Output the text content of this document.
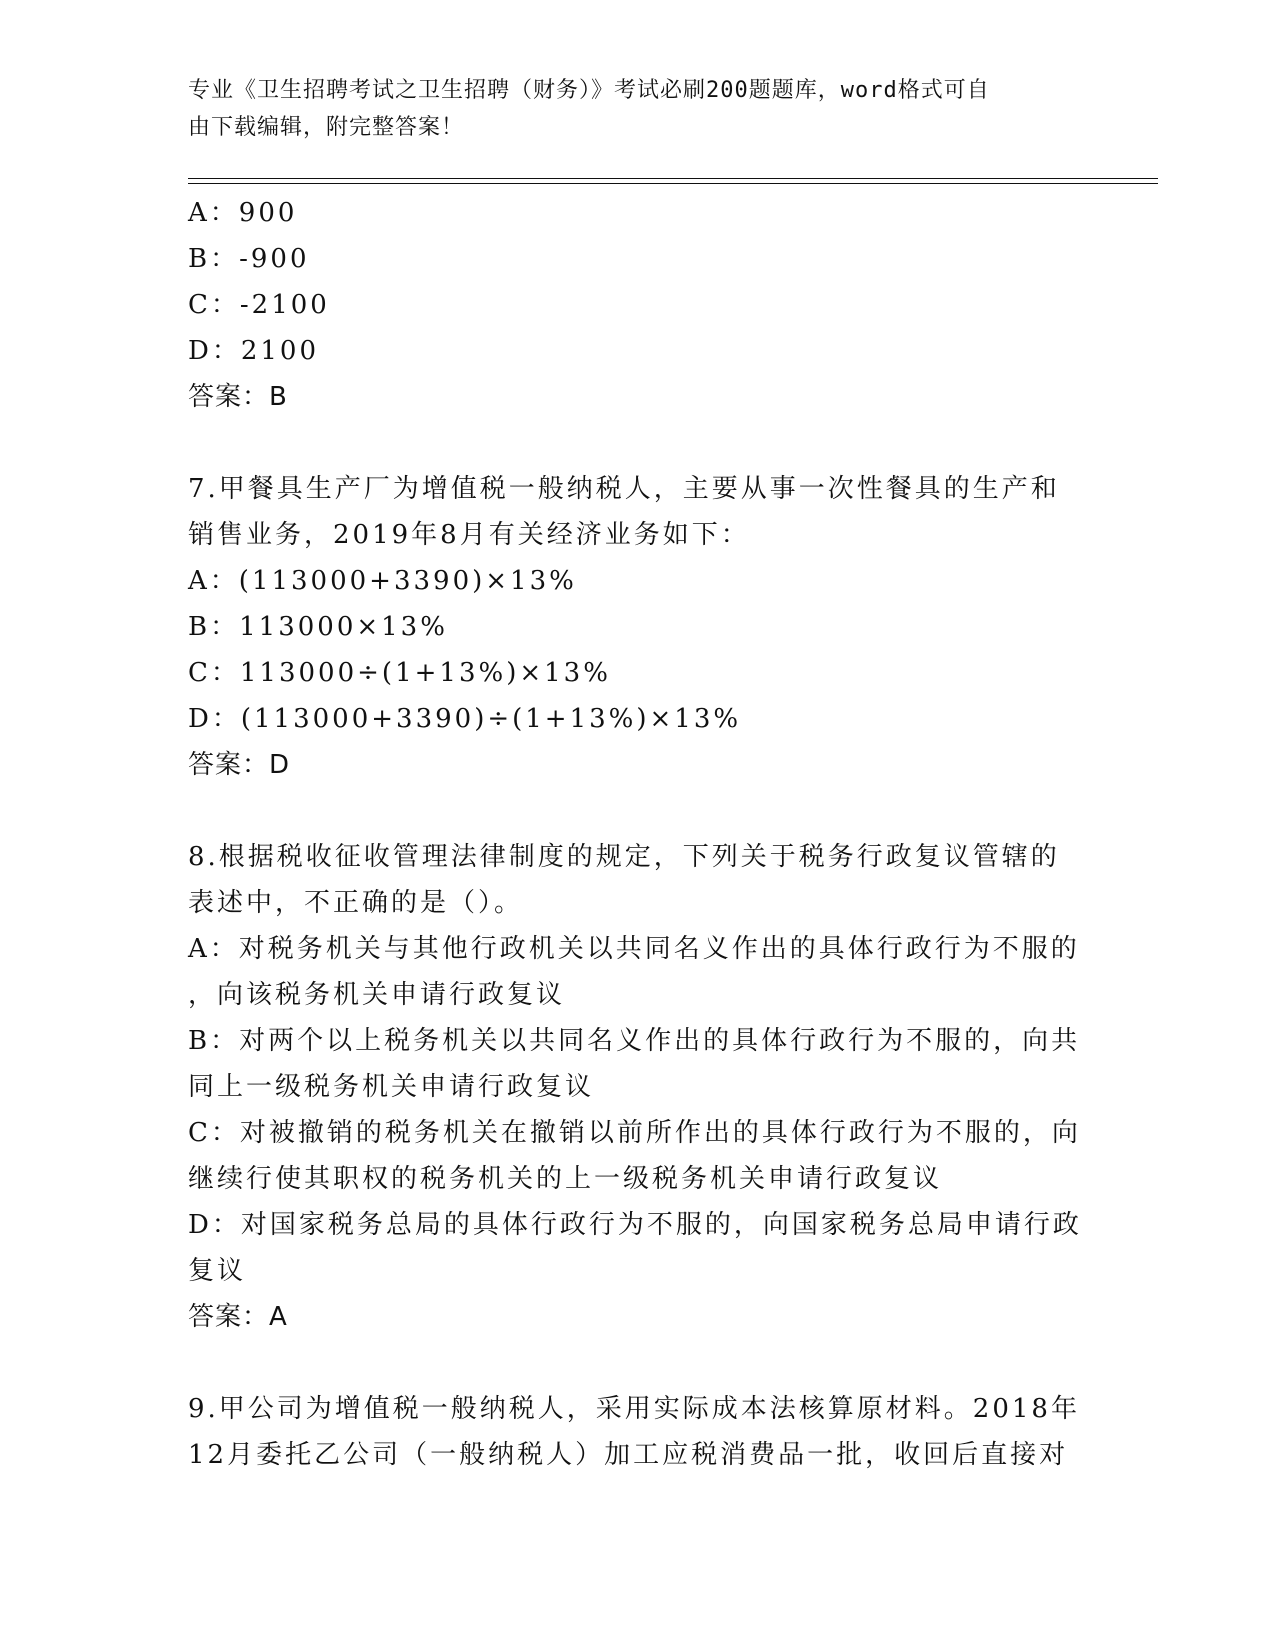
专业《卫生招聘考试之卫生招聘（财务）》考试必刷200题题库，word格式可自
由下载编辑，附完整答案！
A：900
B：-900
C：-2100
D：2100
答案：B
7.甲餐具生产厂为增值税一般纳税人，主要从事一次性餐具的生产和
销售业务，2019年8月有关经济业务如下：
A：(113000+3390)×13%
B：113000×13%
C：113000÷(1+13%)×13%
D：(113000+3390)÷(1+13%)×13%
答案：D
8.根据税收征收管理法律制度的规定，下列关于税务行政复议管辖的
表述中，不正确的是（）。
A：对税务机关与其他行政机关以共同名义作出的具体行政行为不服的
，向该税务机关申请行政复议
B：对两个以上税务机关以共同名义作出的具体行政行为不服的，向共
同上一级税务机关申请行政复议
C：对被撤销的税务机关在撤销以前所作出的具体行政行为不服的，向
继续行使其职权的税务机关的上一级税务机关申请行政复议
D：对国家税务总局的具体行政行为不服的，向国家税务总局申请行政
复议
答案：A
9.甲公司为增值税一般纳税人，采用实际成本法核算原材料。2018年
12月委托乙公司（一般纳税人）加工应税消费品一批，收回后直接对
